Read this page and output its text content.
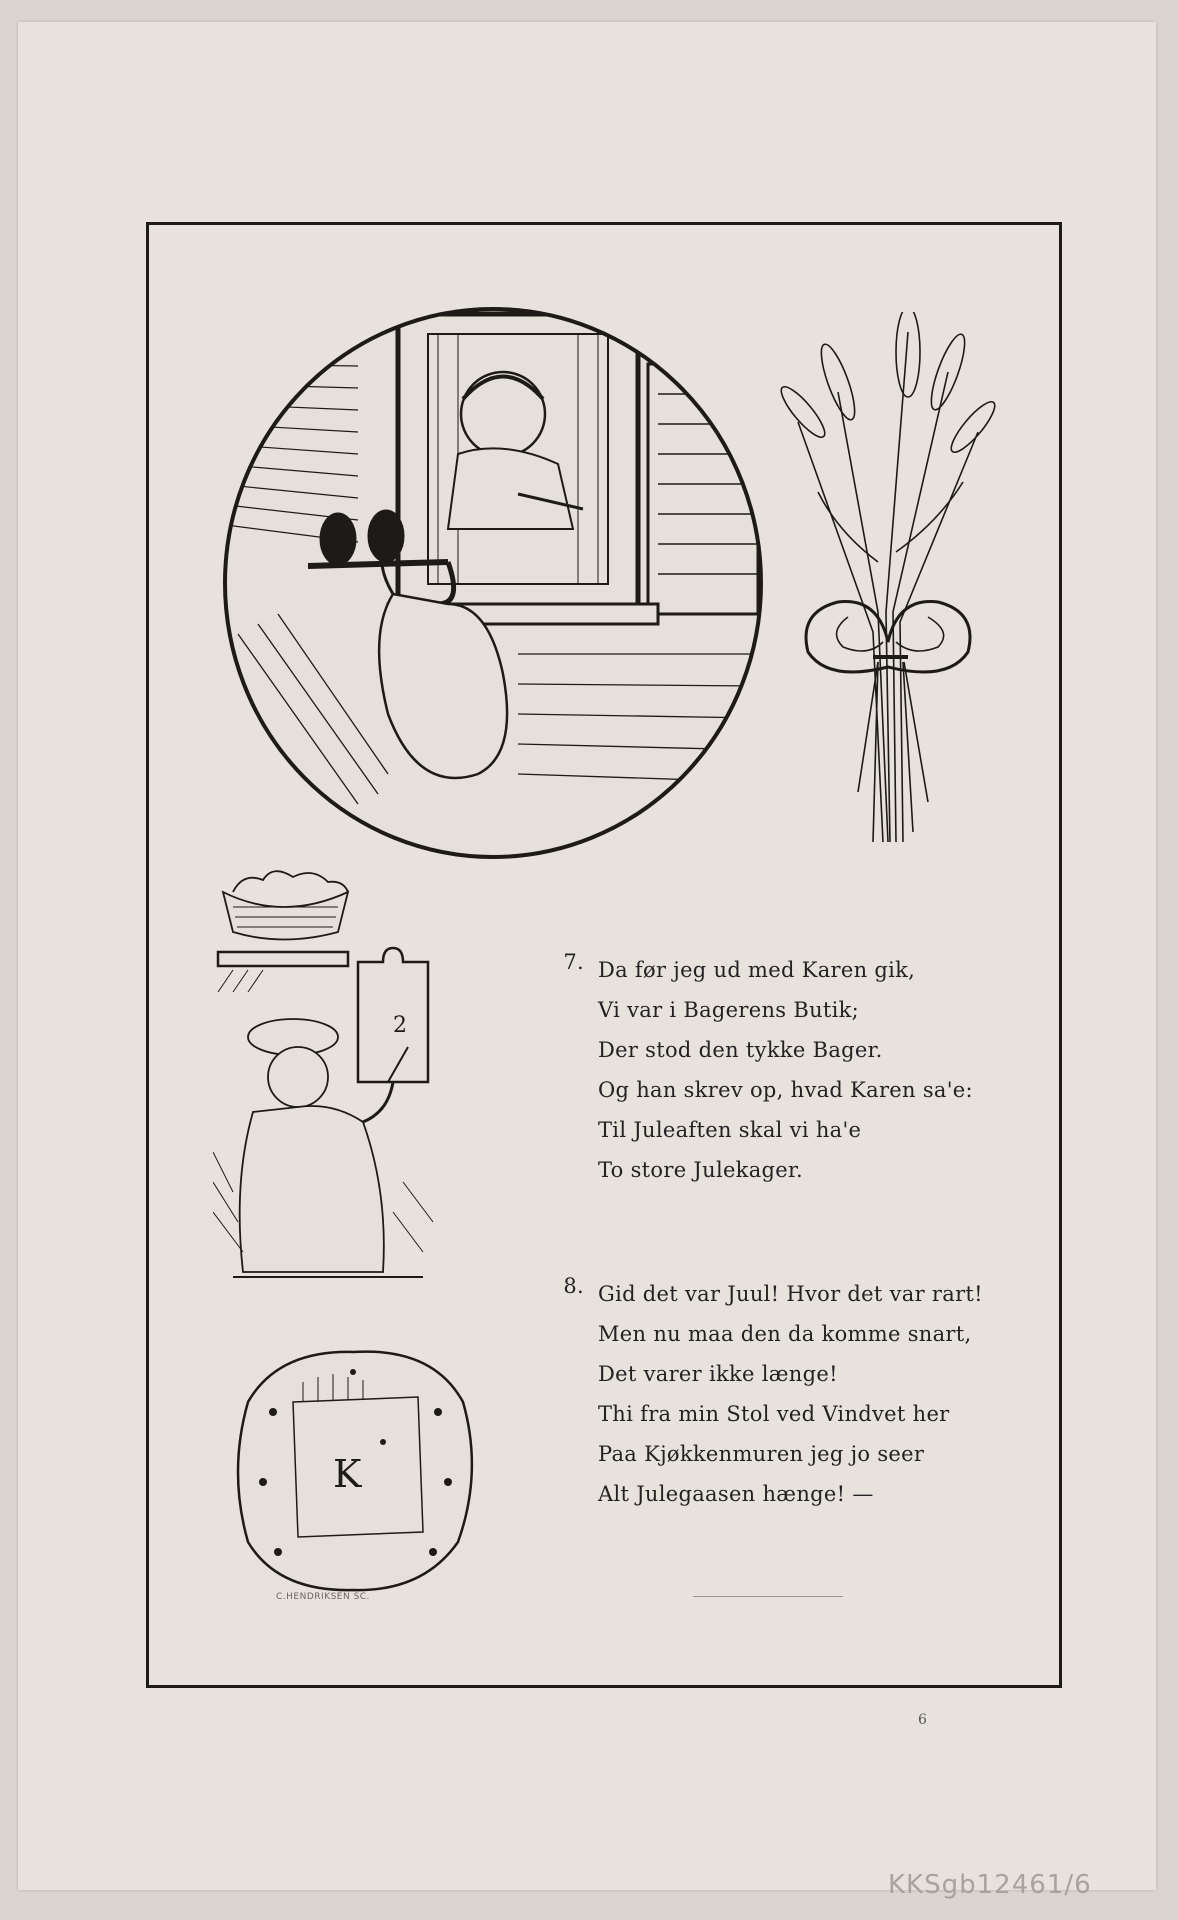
2
K
C.HENDRIKSEN SC.
7. Da før jeg ud med Karen gik,
Vi var i Bagerens Butik;
Der stod den tykke Bager.
Og han skrev op, hvad Karen sa'e:
Til Juleaften skal vi ha'e
To store Julekager.
8. Gid det var Juul! Hvor det var rart!
Men nu maa den da komme snart,
Det varer ikke længe!
Thi fra min Stol ved Vindvet her
Paa Kjøkkenmuren jeg jo seer
Alt Julegaasen hænge! —
6
KKSgb12461/6
